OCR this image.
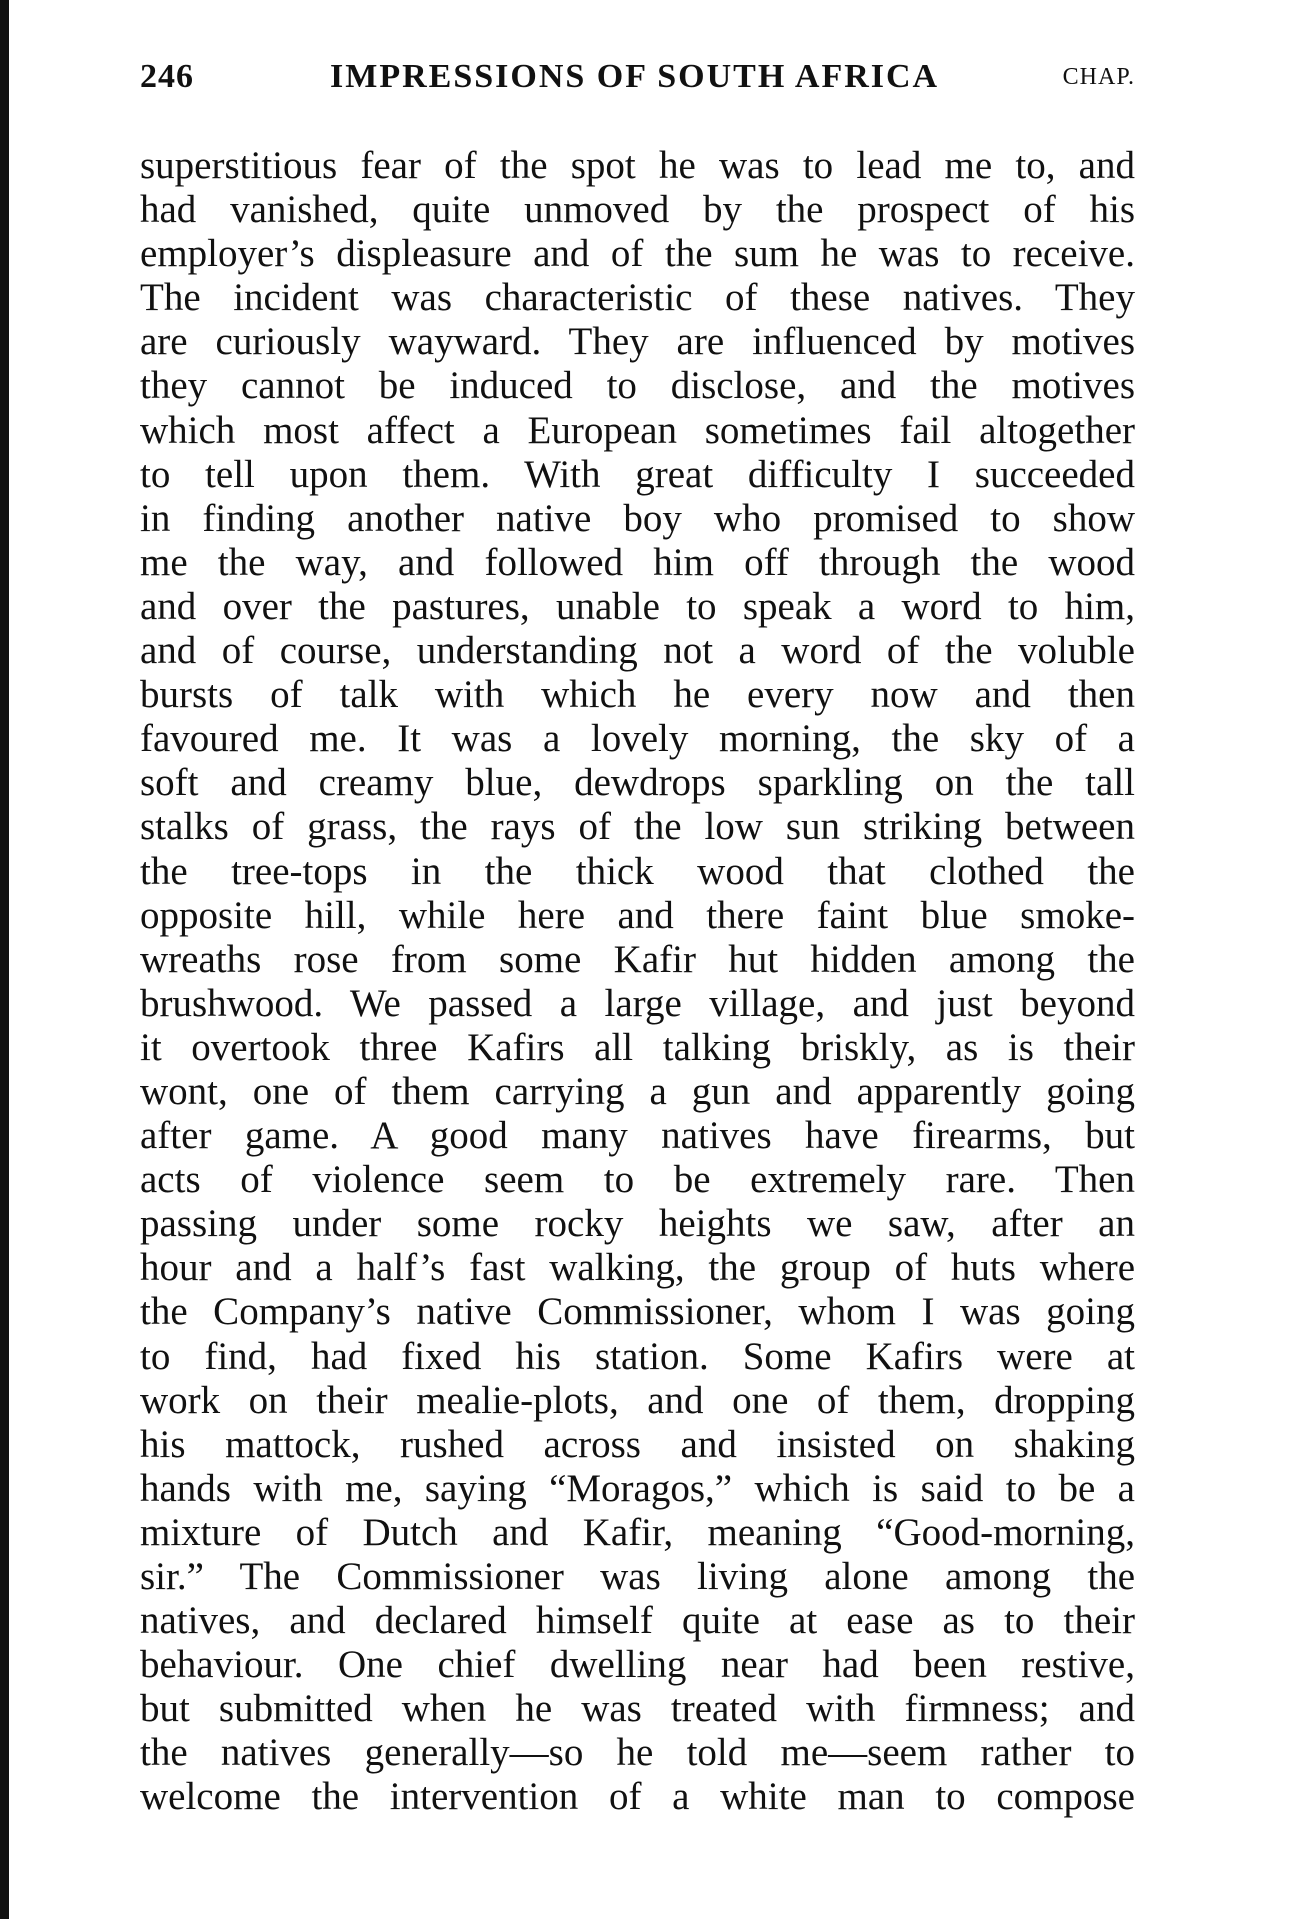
246	IMPRESSIONS OF SOUTH AFRICA	CHAP.
superstitious fear of the spot he was to lead me to, and
had vanished, quite unmoved by the prospect of his
employer’s displeasure and of the sum he was to receive.
The incident was characteristic of these natives. They
are curiously wayward. They are influenced by motives
they cannot be induced to disclose, and the motives
which most affect a European sometimes fail altogether
to tell upon them. With great difficulty I succeeded
in finding another native boy who promised to show
me the way, and followed him off through the wood
and over the pastures, unable to speak a word to him,
and of course, understanding not a word of the voluble
bursts of talk with which he every now and then
favoured me. It was a lovely morning, the sky of a
soft and creamy blue, dewdrops sparkling on the tall
stalks of grass, the rays of the low sun striking between
the tree-tops in the thick wood that clothed the
opposite hill, while here and there faint blue smoke-
wreaths rose from some Kafir hut hidden among the
brushwood. We passed a large village, and just beyond
it overtook three Kafirs all talking briskly, as is their
wont, one of them carrying a gun and apparently going
after game. A good many natives have firearms, but
acts of violence seem to be extremely rare. Then
passing under some rocky heights we saw, after an
hour and a half’s fast walking, the group of huts where
the Company’s native Commissioner, whom I was going
to find, had fixed his station. Some Kafirs were at
work on their mealie-plots, and one of them, dropping
his mattock, rushed across and insisted on shaking
hands with me, saying “Moragos,” which is said to be a
mixture of Dutch and Kafir, meaning “Good-morning,
sir.” The Commissioner was living alone among the
natives, and declared himself quite at ease as to their
behaviour. One chief dwelling near had been restive,
but submitted when he was treated with firmness; and
the natives generally—so he told me—seem rather to
welcome the intervention of a white man to compose
